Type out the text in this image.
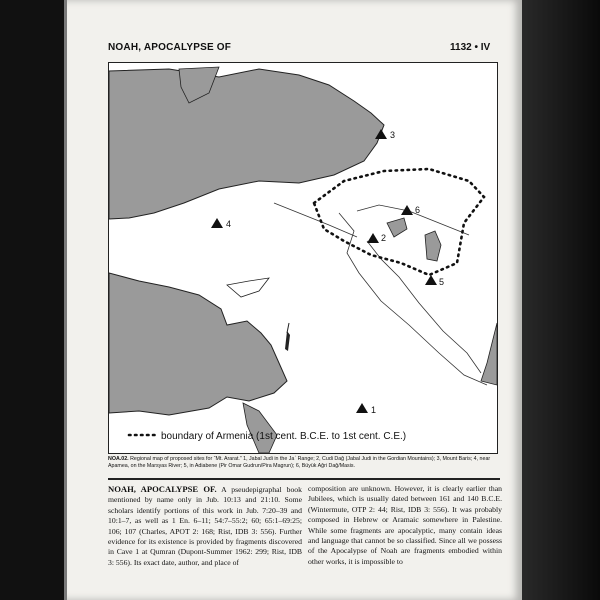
NOAH, APOCALYPSE OF	1132 • IV
1
2
3
4
5
6
boundary of Armenia (1st cent. B.C.E. to 1st cent. C.E.)
NOA.02. Regional map of proposed sites for “Mt. Ararat.” 1, Jabal Judi in the Jaʾ Range; 2, Cudi Dağ (Jabal Judi in the Gordian Mountains); 3, Mount Baris; 4, near Apamea, on the Marsyas River; 5, in Adiabene (Pir Omar Gudrun/Pira Magrun); 6, Büyük Ağri Dağ/Masis.

NOAH, APOCALYPSE OF. A pseudepigraphal book mentioned by name only in Jub. 10:13 and 21:10. Some scholars identify portions of this work in Jub. 7:20–39 and 10:1–7, as well as 1 En. 6–11; 54:7–55:2; 60; 65:1–69:25; 106; 107 (Charles, APOT 2: 168; Rist, IDB 3: 556). Further evidence for its existence is provided by fragments discovered in Cave 1 at Qumran (Dupont-Summer 1962: 299; Rist, IDB 3: 556). Its exact date, author, and place of

composition are unknown. However, it is clearly earlier than Jubilees, which is usually dated between 161 and 140 B.C.E. (Wintermute, OTP 2: 44; Rist, IDB 3: 556). It was probably composed in Hebrew or Aramaic somewhere in Palestine. While some fragments are apocalyptic, many contain ideas and language that cannot be so classified. Since all we possess of the Apocalypse of Noah are fragments embodied within other works, it is impossible to
